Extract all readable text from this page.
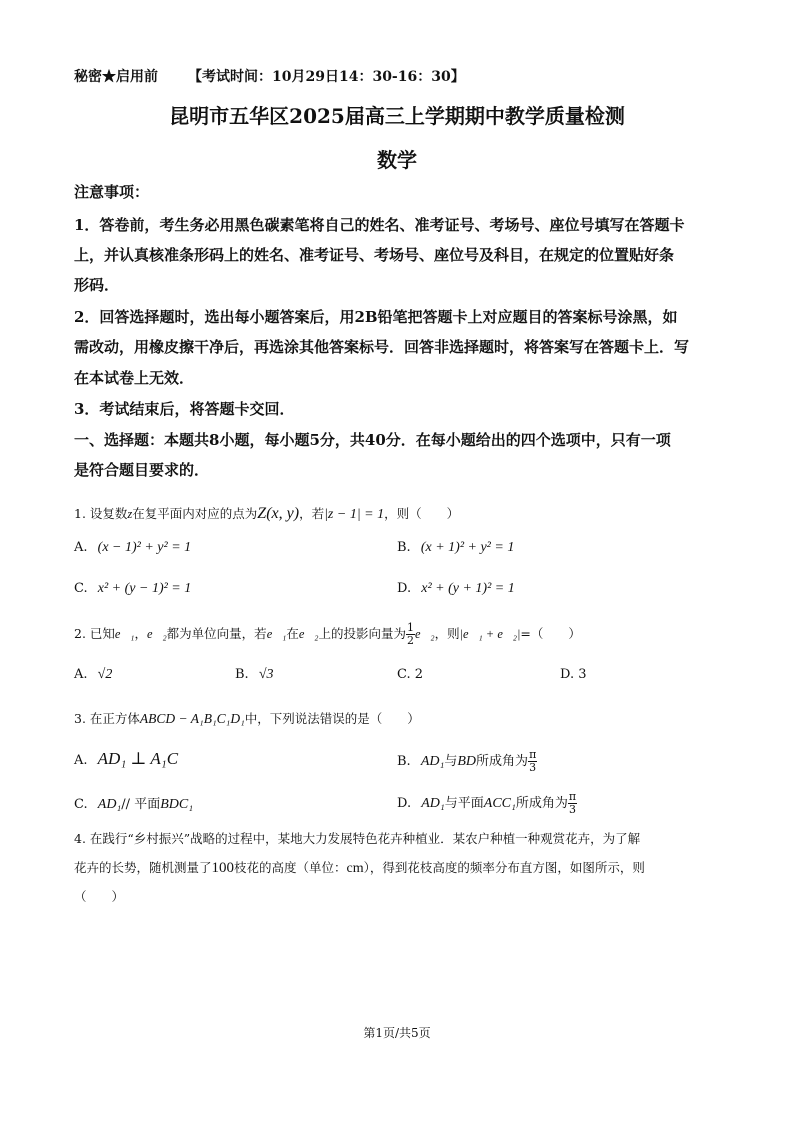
秘密★启用前 【考试时间：10月29日14：30-16：30】
昆明市五华区2025届高三上学期期中教学质量检测
数学
注意事项：
1．答卷前，考生务必用黑色碳素笔将自己的姓名、准考证号、考场号、座位号填写在答题卡
上，并认真核准条形码上的姓名、准考证号、考场号、座位号及科目，在规定的位置贴好条
形码．
2．回答选择题时，选出每小题答案后，用2B铅笔把答题卡上对应题目的答案标号涂黑，如
需改动，用橡皮擦干净后，再选涂其他答案标号．回答非选择题时，将答案写在答题卡上．写
在本试卷上无效．
3．考试结束后，将答题卡交回．
一、选择题：本题共8小题，每小题5分，共40分．在每小题给出的四个选项中，只有一项
是符合题目要求的．
1. 设复数z在复平面内对应的点为Z(x, y)，若|z − 1| = 1，则（　　）
A. (x − 1)² + y² = 1	B. (x + 1)² + y² = 1
C. x² + (y − 1)² = 1	D. x² + (y + 1)² = 1
2. 已知e⃗₁，e⃗₂都为单位向量，若e⃗₁在e⃗₂上的投影向量为 $\frac{1}{2}$ e⃗₂，则|e⃗₁ + e⃗₂|=（　　）
A. √2	B. √3	C. 2	D. 3
3. 在正方体ABCD − A₁B₁C₁D₁中，下列说法错误的是（　　）
A. AD₁ ⊥ A₁C	B. AD₁与BD所成角为 $\frac{\pi}{3}$
C. AD₁// 平面BDC₁	D. AD₁与平面ACC₁所成角为 $\frac{\pi}{3}$
4. 在践行“乡村振兴”战略的过程中，某地大力发展特色花卉种植业．某农户种植一种观赏花卉，为了解
花卉的长势，随机测量了100枝花的高度（单位：cm），得到花枝高度的频率分布直方图，如图所示，则
（　　）
第1页/共5页
